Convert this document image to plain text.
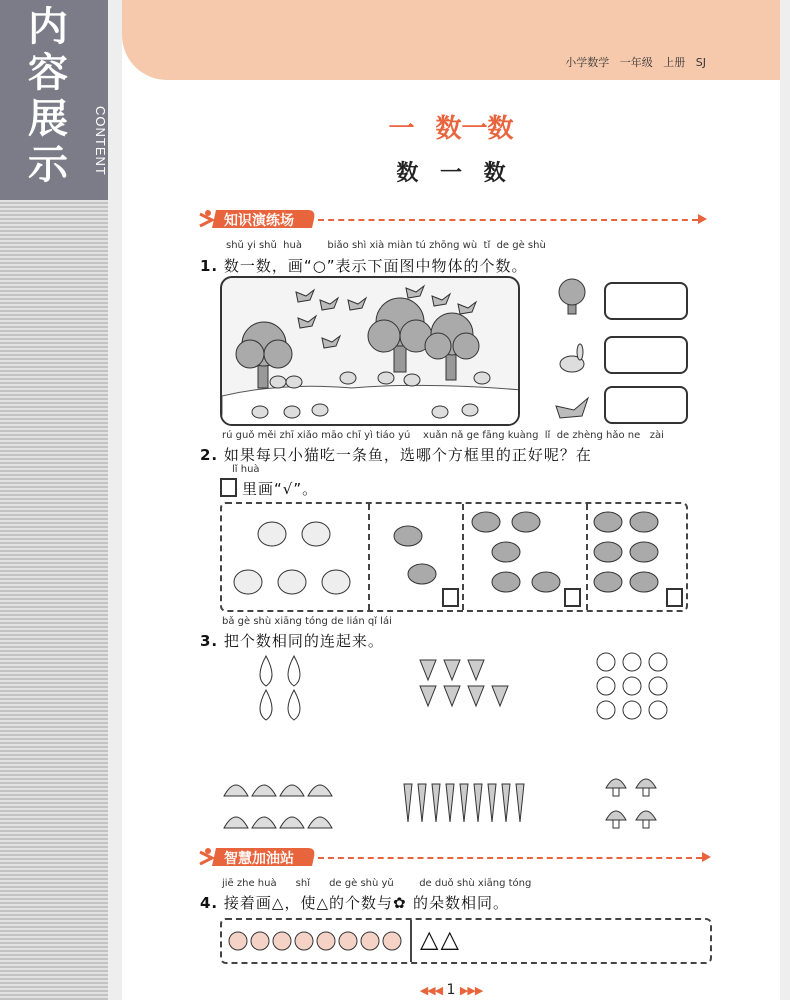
内
容
展
示	CONTENT
小学数学   一年级   上册   SJ
一 数一数
数 一 数
知识演练场
shǔ yi shǔ  huà        biǎo shì xià miàn tú zhōng wù  tǐ  de gè shù
1. 数一数，画“○”表示下面图中物体的个数。
rú guǒ měi zhī xiǎo māo chī yì tiáo yú    xuǎn nǎ ge fāng kuàng  lǐ  de zhèng hǎo ne   zài
2. 如果每只小猫吃一条鱼，选哪个方框里的正好呢？在
lǐ huà
里画“√”。
bǎ gè shù xiāng tóng de lián qǐ lái
3. 把个数相同的连起来。
智慧加油站
jiē zhe huà      shǐ      de gè shù yǔ        de duǒ shù xiāng tóng
4. 接着画△，使△的个数与✿ 的朵数相同。
△△
◀◀◀ 1 ▶▶▶
